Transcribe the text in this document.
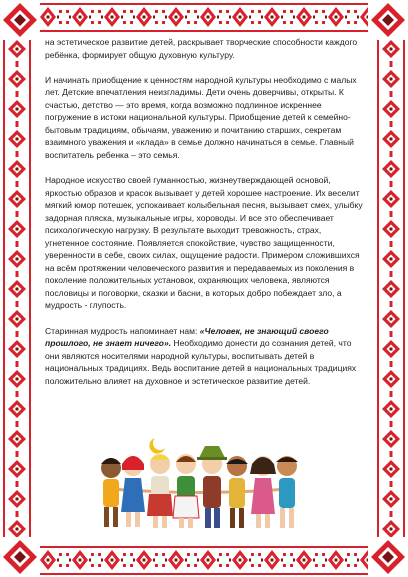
на эстетическое развитие детей, раскрывает творческие способности каждого ребёнка, формирует общую духовную культуру.

И начинать приобщение к ценностям народной культуры необходимо с малых лет. Детские впечатления неизгладимы. Дети очень доверчивы, открыты. К счастью, детство — это время, когда возможно подлинное искреннее погружение в истоки национальной культуры. Приобщение детей к семейно-бытовым традициям, обычаям, уважению и почитанию старших, секретам взаимного уважения и «клада» в семье должно начинаться в семье. Главный воспитатель ребенка – это семья.

Народное искусство своей гуманностью, жизнеутверждающей основой, яркостью образов и красок вызывает у детей хорошее настроение. Их веселит мягкий юмор потешек, успокаивает колыбельная песня, вызывает смех, улыбку задорная пляска, музыкальные игры, хороводы. И все это обеспечивает психологическую нагрузку. В результате выходит тревожность, страх, угнетенное состояние. Появляется спокойствие, чувство защищенности, уверенности в себе, своих силах, ощущение радости. Примером сложившихся на всём протяжении человеческого развития и передаваемых из поколения в поколение положительных установок, охраняющих человека, являются пословицы и поговорки, сказки и басни, в которых добро побеждает зло, а мудрость - глупость.

Старинная мудрость напоминает нам: «Человек, не знающий своего прошлого, не знает ничего». Необходимо донести до сознания детей, что они являются носителями народной культуры, воспитывать детей в национальных традициях. Ведь воспитание детей в национальных традициях положительно влияет на духовное и эстетическое развитие детей.
